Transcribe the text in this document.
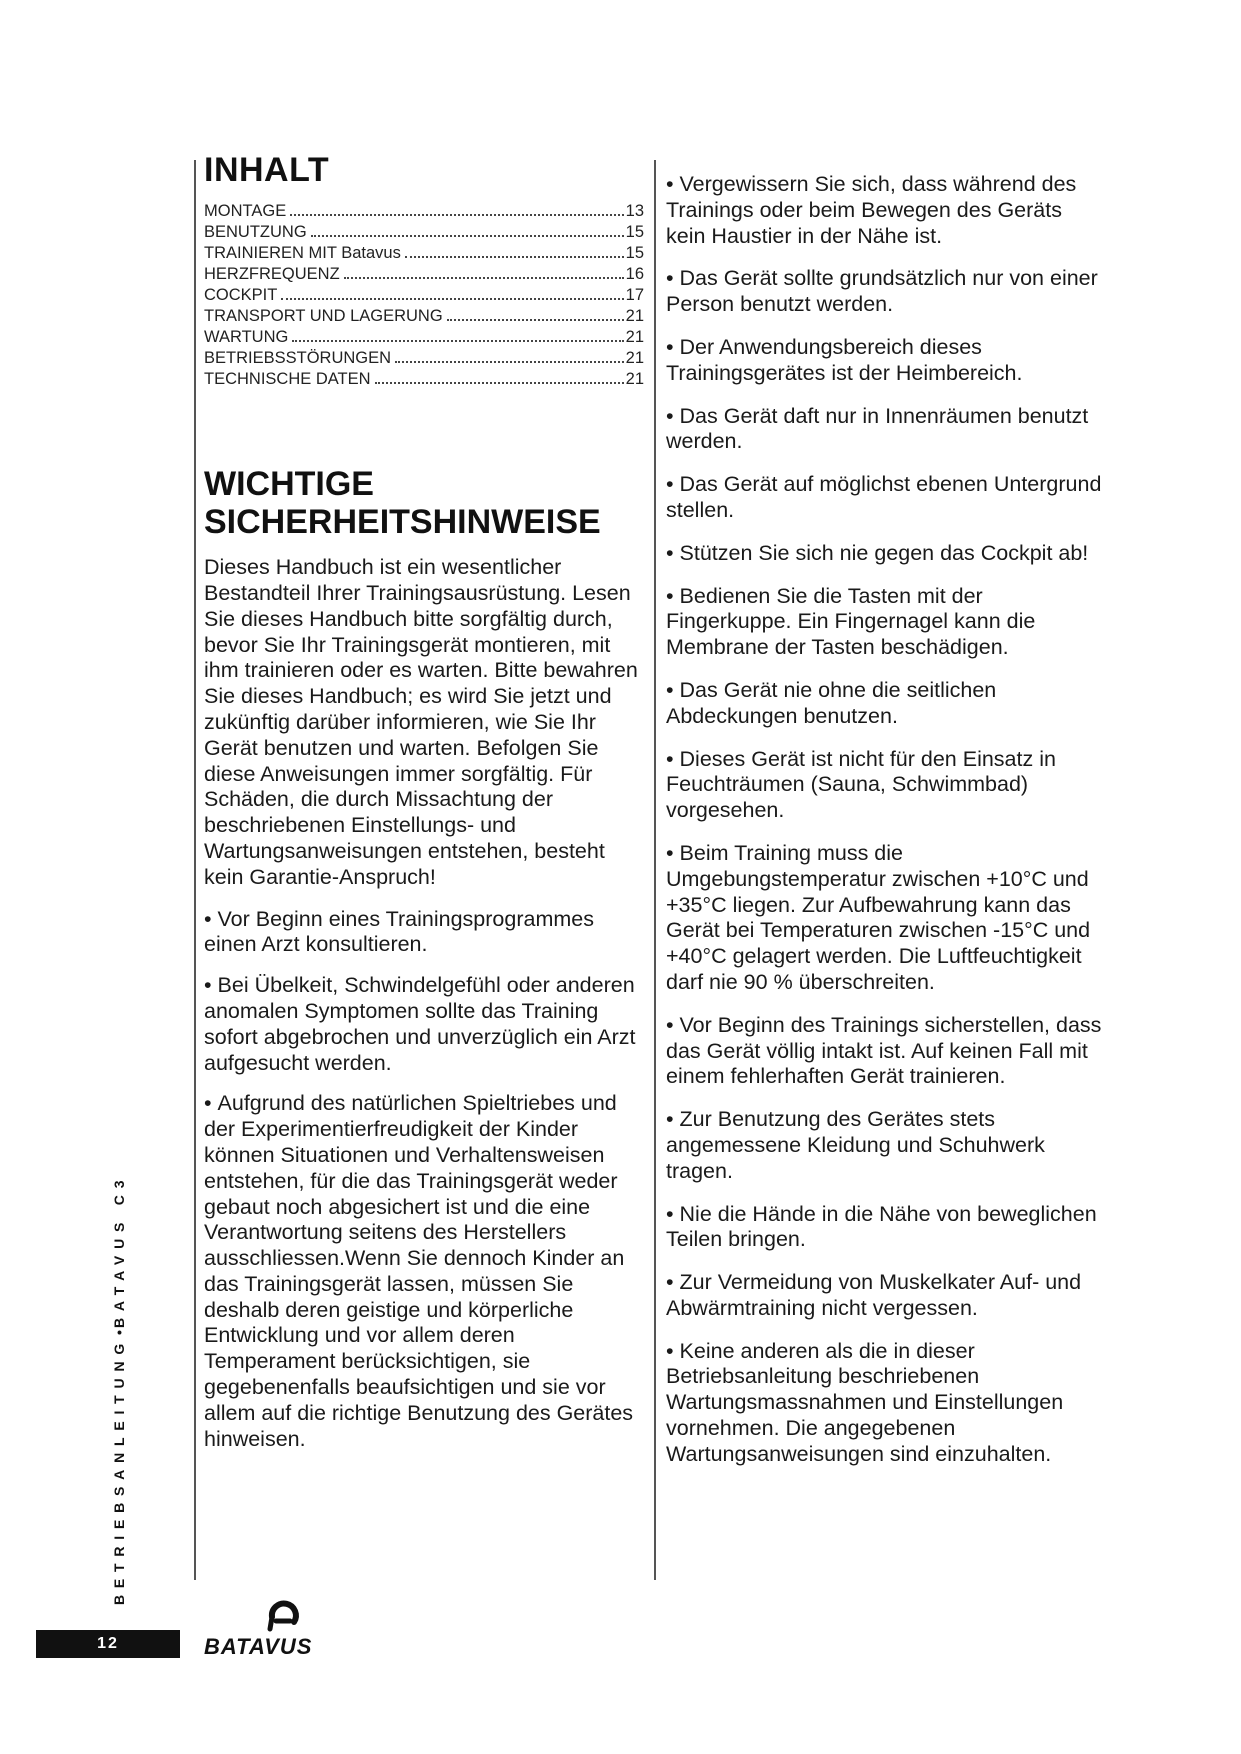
INHALT
MONTAGE	13
BENUTZUNG	15
TRAINIEREN MIT Batavus	15
HERZFREQUENZ	16
COCKPIT	17
TRANSPORT UND LAGERUNG	21
WARTUNG	21
BETRIEBSSTÖRUNGEN	21
TECHNISCHE DATEN	21
WICHTIGE
SICHERHEITSHINWEISE

Dieses Handbuch ist ein wesentlicher Bestandteil Ihrer Trainingsausrüstung. Lesen Sie dieses Handbuch bitte sorgfältig durch, bevor Sie Ihr Trainingsgerät montieren, mit ihm trainieren oder es warten. Bitte bewahren Sie dieses Handbuch; es wird Sie jetzt und zukünftig darüber informieren, wie Sie Ihr Gerät benutzen und warten. Befolgen Sie diese Anweisungen immer sorgfältig. Für Schäden, die durch Missachtung der beschriebenen Einstellungs- und Wartungsanweisungen entstehen, besteht kein Garantie-Anspruch!

• Vor Beginn eines Trainingsprogrammes einen Arzt konsultieren.

• Bei Übelkeit, Schwindelgefühl oder anderen anomalen Symptomen sollte das Training sofort abgebrochen und unverzüglich ein Arzt aufgesucht werden.

• Aufgrund des natürlichen Spieltriebes und der Experimentierfreudigkeit der Kinder können Situationen und Verhaltensweisen entstehen, für die das Trainingsgerät weder gebaut noch abgesichert ist und die eine Verantwortung seitens des Herstellers ausschliessen.Wenn Sie dennoch Kinder an das Trainingsgerät lassen, müssen Sie deshalb deren geistige und körperliche Entwicklung und vor allem deren Temperament berücksichtigen, sie gegebenenfalls beaufsichtigen und sie vor allem auf die richtige Benutzung des Gerätes hinweisen.

• Vergewissern Sie sich, dass während des Trainings oder beim Bewegen des Geräts kein Haustier in der Nähe ist.

• Das Gerät sollte grundsätzlich nur von einer Person benutzt werden.

• Der Anwendungsbereich dieses Trainingsgerätes ist der Heimbereich.

• Das Gerät daft nur in Innenräumen benutzt werden.

• Das Gerät auf möglichst ebenen Untergrund stellen.

• Stützen Sie sich nie gegen das Cockpit ab!

• Bedienen Sie die Tasten mit der Fingerkuppe. Ein Fingernagel kann die Membrane der Tasten beschädigen.

• Das Gerät nie ohne die seitlichen Abdeckungen benutzen.

• Dieses Gerät ist nicht für den Einsatz in Feuchträumen (Sauna, Schwimmbad) vorgesehen.

• Beim Training muss die Umgebungstemperatur zwischen +10°C und +35°C liegen. Zur Aufbewahrung kann das Gerät bei Temperaturen zwischen -15°C und +40°C gelagert werden. Die Luftfeuchtigkeit darf nie 90 % überschreiten.

• Vor Beginn des Trainings sicherstellen, dass das Gerät völlig intakt ist. Auf keinen Fall mit einem fehlerhaften Gerät trainieren.

• Zur Benutzung des Gerätes stets angemessene Kleidung und Schuhwerk tragen.

• Nie die Hände in die Nähe von beweglichen Teilen bringen.

• Zur Vermeidung von Muskelkater Auf- und Abwärmtraining nicht vergessen.

• Keine anderen als die in dieser Betriebsanleitung beschriebenen Wartungsmassnahmen und Einstellungen vornehmen. Die angegebenen Wartungsanweisungen sind einzuhalten.

BETRIEBSANLEITUNG•BATAVUS C3
12	BATAVUS
